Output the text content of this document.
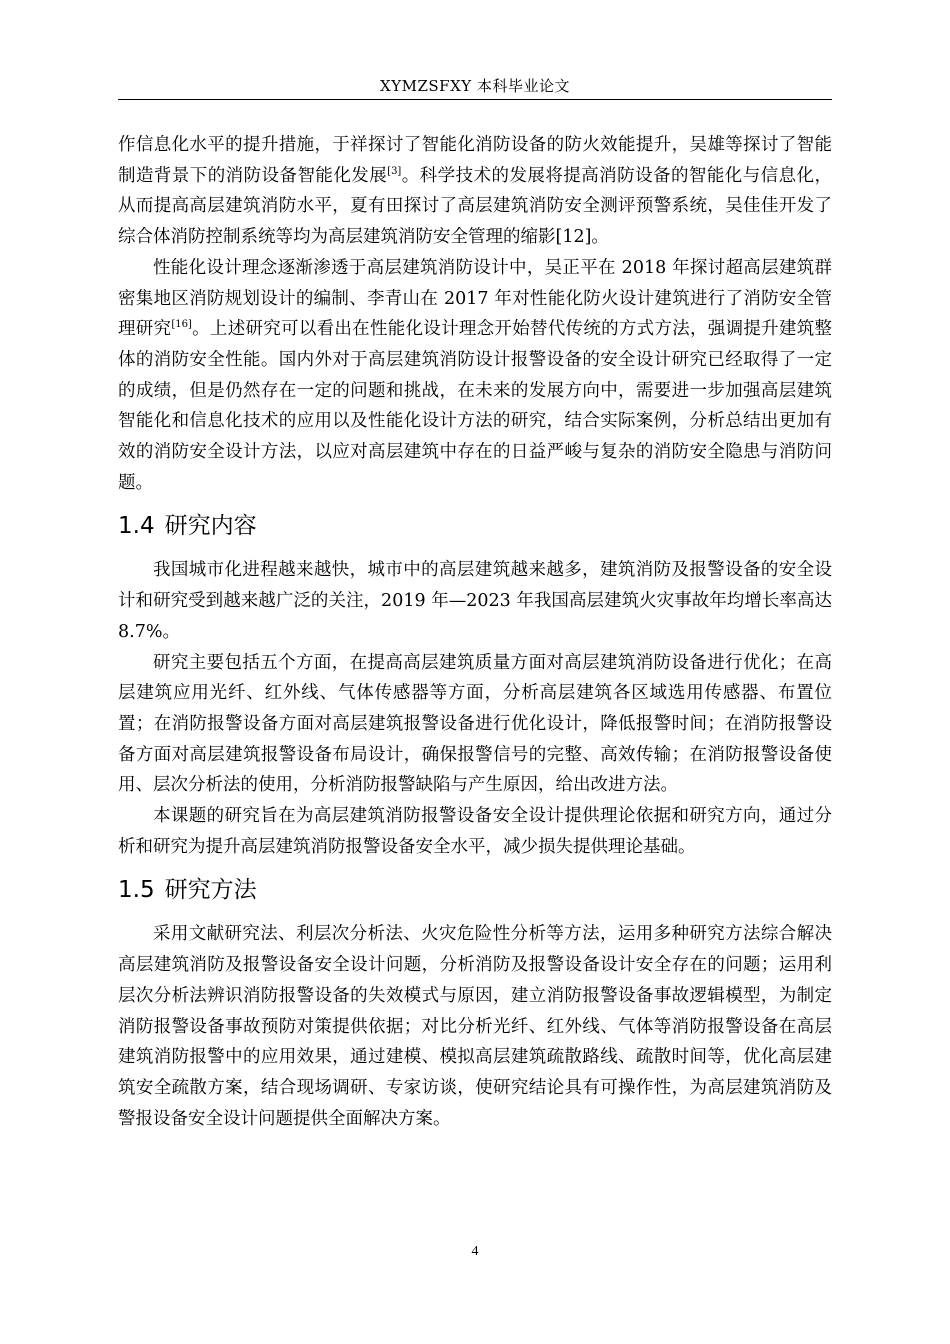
XYMZSFXY 本科毕业论文

作信息化水平的提升措施，于祥探讨了智能化消防设备的防火效能提升，吴雄等探讨了智能制造背景下的消防设备智能化发展[3]。科学技术的发展将提高消防设备的智能化与信息化，从而提高高层建筑消防水平，夏有田探讨了高层建筑消防安全测评预警系统，吴佳佳开发了综合体消防控制系统等均为高层建筑消防安全管理的缩影[12]。

性能化设计理念逐渐渗透于高层建筑消防设计中，吴正平在 2018 年探讨超高层建筑群密集地区消防规划设计的编制、李青山在 2017 年对性能化防火设计建筑进行了消防安全管理研究[16]。上述研究可以看出在性能化设计理念开始替代传统的方式方法，强调提升建筑整体的消防安全性能。国内外对于高层建筑消防设计报警设备的安全设计研究已经取得了一定的成绩，但是仍然存在一定的问题和挑战，在未来的发展方向中，需要进一步加强高层建筑智能化和信息化技术的应用以及性能化设计方法的研究，结合实际案例，分析总结出更加有效的消防安全设计方法，以应对高层建筑中存在的日益严峻与复杂的消防安全隐患与消防问题。

1.4 研究内容

我国城市化进程越来越快，城市中的高层建筑越来越多，建筑消防及报警设备的安全设计和研究受到越来越广泛的关注，2019 年—2023 年我国高层建筑火灾事故年均增长率高达 8.7%。

研究主要包括五个方面，在提高高层建筑质量方面对高层建筑消防设备进行优化；在高层建筑应用光纤、红外线、气体传感器等方面，分析高层建筑各区域选用传感器、布置位置；在消防报警设备方面对高层建筑报警设备进行优化设计，降低报警时间；在消防报警设备方面对高层建筑报警设备布局设计，确保报警信号的完整、高效传输；在消防报警设备使用、层次分析法的使用，分析消防报警缺陷与产生原因，给出改进方法。

本课题的研究旨在为高层建筑消防报警设备安全设计提供理论依据和研究方向，通过分析和研究为提升高层建筑消防报警设备安全水平，减少损失提供理论基础。

1.5 研究方法

采用文献研究法、利层次分析法、火灾危险性分析等方法，运用多种研究方法综合解决高层建筑消防及报警设备安全设计问题，分析消防及报警设备设计安全存在的问题；运用利层次分析法辨识消防报警设备的失效模式与原因，建立消防报警设备事故逻辑模型，为制定消防报警设备事故预防对策提供依据；对比分析光纤、红外线、气体等消防报警设备在高层建筑消防报警中的应用效果，通过建模、模拟高层建筑疏散路线、疏散时间等，优化高层建筑安全疏散方案，结合现场调研、专家访谈，使研究结论具有可操作性，为高层建筑消防及警报设备安全设计问题提供全面解决方案。

4
